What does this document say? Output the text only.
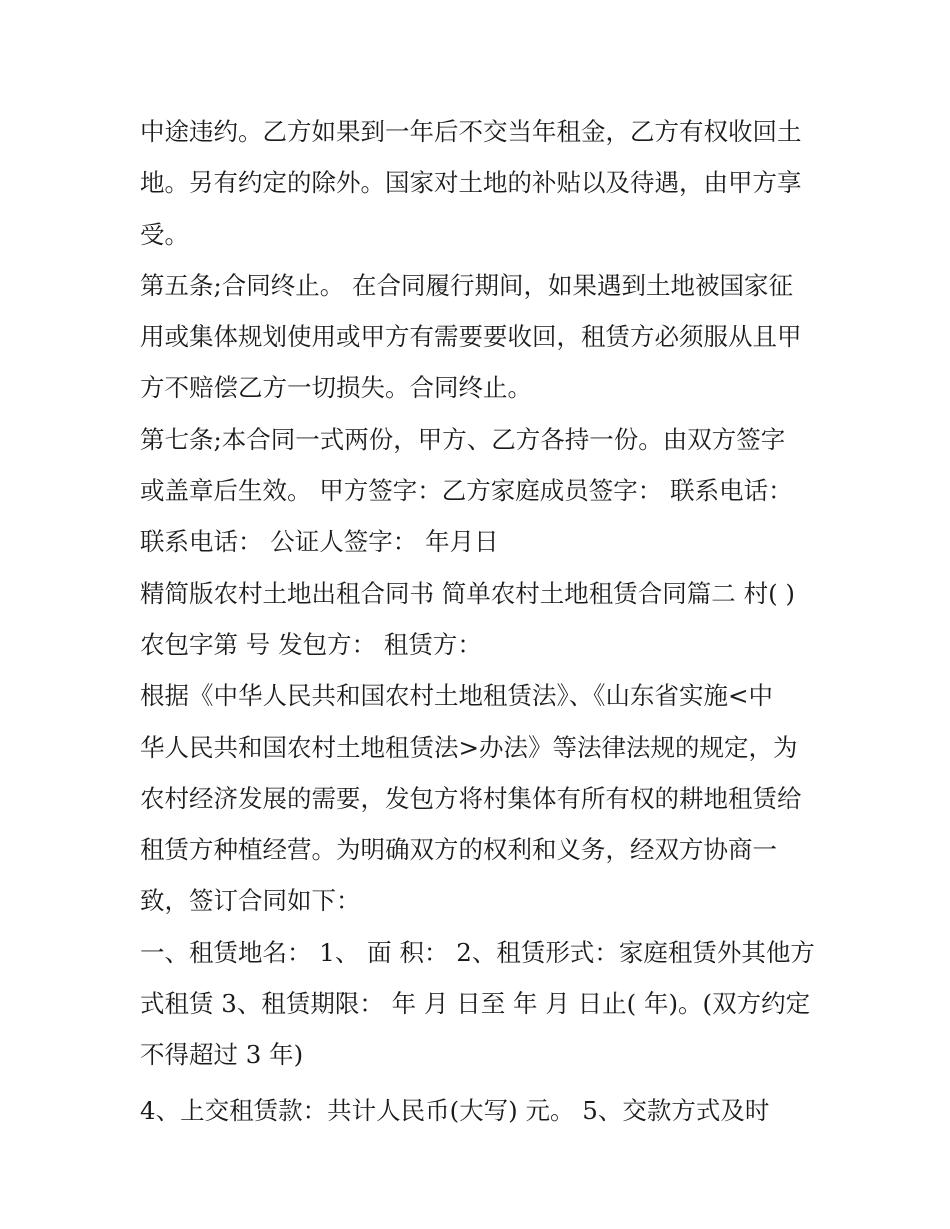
中途违约。乙方如果到一年后不交当年租金，乙方有权收回土
地。另有约定的除外。国家对土地的补贴以及待遇，由甲方享
受。
第五条;合同终止。 在合同履行期间，如果遇到土地被国家征
用或集体规划使用或甲方有需要要收回，租赁方必须服从且甲
方不赔偿乙方一切损失。合同终止。
第七条;本合同一式两份，甲方、乙方各持一份。由双方签字
或盖章后生效。 甲方签字：乙方家庭成员签字： 联系电话：
联系电话： 公证人签字： 年月日
精简版农村土地出租合同书 简单农村土地租赁合同篇二 村( )
农包字第 号 发包方： 租赁方：
根据《中华人民共和国农村土地租赁法》、《山东省实施<中
华人民共和国农村土地租赁法>办法》等法律法规的规定，为
农村经济发展的需要，发包方将村集体有所有权的耕地租赁给
租赁方种植经营。为明确双方的权利和义务，经双方协商一
致，签订合同如下：
一、租赁地名： 1、 面 积： 2、租赁形式：家庭租赁外其他方
式租赁 3、租赁期限： 年 月 日至 年 月 日止( 年)。(双方约定
不得超过 3 年)
4、上交租赁款：共计人民币(大写) 元。 5、交款方式及时
